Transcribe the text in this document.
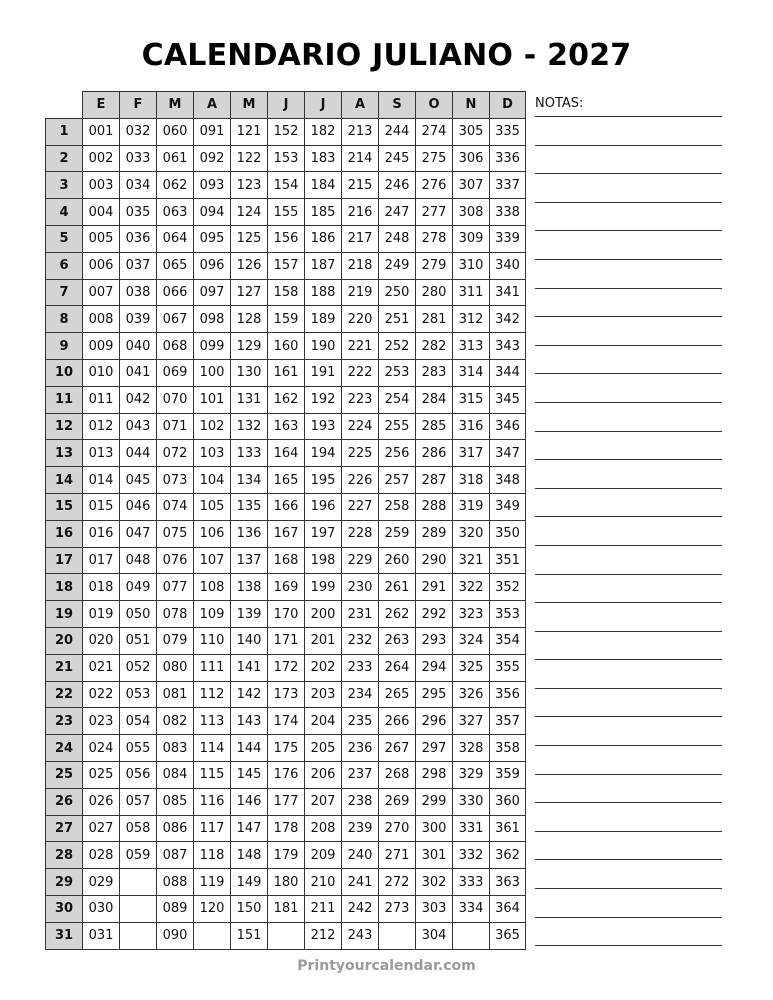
CALENDARIO JULIANO - 2027
	E	F	M	A	M	J	J	A	S	O	N	D
1	001	032	060	091	121	152	182	213	244	274	305	335
2	002	033	061	092	122	153	183	214	245	275	306	336
3	003	034	062	093	123	154	184	215	246	276	307	337
4	004	035	063	094	124	155	185	216	247	277	308	338
5	005	036	064	095	125	156	186	217	248	278	309	339
6	006	037	065	096	126	157	187	218	249	279	310	340
7	007	038	066	097	127	158	188	219	250	280	311	341
8	008	039	067	098	128	159	189	220	251	281	312	342
9	009	040	068	099	129	160	190	221	252	282	313	343
10	010	041	069	100	130	161	191	222	253	283	314	344
11	011	042	070	101	131	162	192	223	254	284	315	345
12	012	043	071	102	132	163	193	224	255	285	316	346
13	013	044	072	103	133	164	194	225	256	286	317	347
14	014	045	073	104	134	165	195	226	257	287	318	348
15	015	046	074	105	135	166	196	227	258	288	319	349
16	016	047	075	106	136	167	197	228	259	289	320	350
17	017	048	076	107	137	168	198	229	260	290	321	351
18	018	049	077	108	138	169	199	230	261	291	322	352
19	019	050	078	109	139	170	200	231	262	292	323	353
20	020	051	079	110	140	171	201	232	263	293	324	354
21	021	052	080	111	141	172	202	233	264	294	325	355
22	022	053	081	112	142	173	203	234	265	295	326	356
23	023	054	082	113	143	174	204	235	266	296	327	357
24	024	055	083	114	144	175	205	236	267	297	328	358
25	025	056	084	115	145	176	206	237	268	298	329	359
26	026	057	085	116	146	177	207	238	269	299	330	360
27	027	058	086	117	147	178	208	239	270	300	331	361
28	028	059	087	118	148	179	209	240	271	301	332	362
29	029		088	119	149	180	210	241	272	302	333	363
30	030		089	120	150	181	211	242	273	303	334	364
31	031		090		151		212	243		304		365
NOTAS:
Printyourcalendar.com
